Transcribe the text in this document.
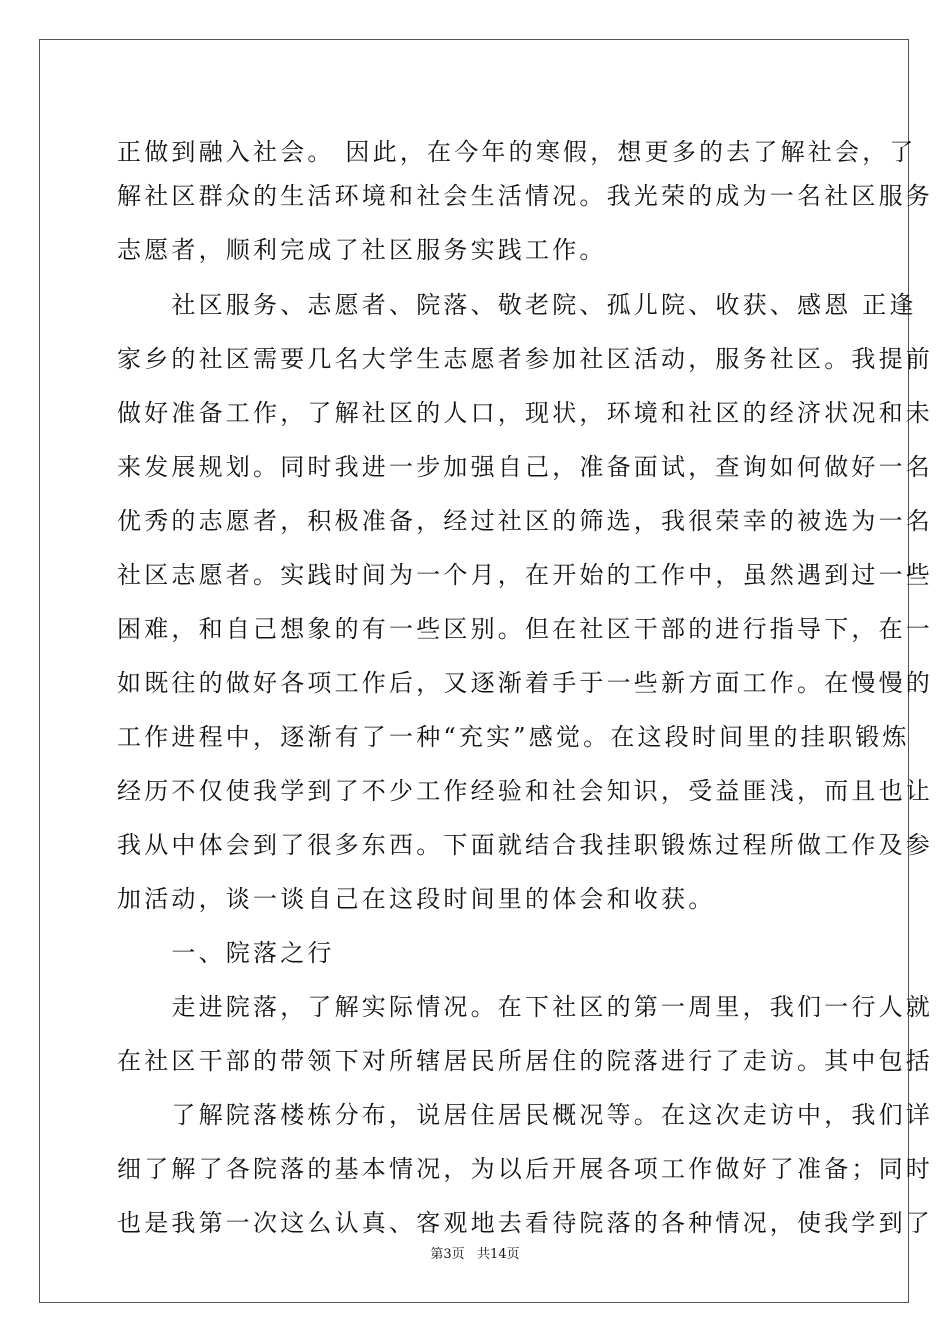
正做到融入社会。 因此，在今年的寒假，想更多的去了解社会，了
解社区群众的生活环境和社会生活情况。我光荣的成为一名社区服务
志愿者，顺利完成了社区服务实践工作。
　　社区服务、志愿者、院落、敬老院、孤儿院、收获、感恩 正逢
家乡的社区需要几名大学生志愿者参加社区活动，服务社区。我提前
做好准备工作，了解社区的人口，现状，环境和社区的经济状况和未
来发展规划。同时我进一步加强自己，准备面试，查询如何做好一名
优秀的志愿者，积极准备，经过社区的筛选，我很荣幸的被选为一名
社区志愿者。实践时间为一个月，在开始的工作中，虽然遇到过一些
困难，和自己想象的有一些区别。但在社区干部的进行指导下，在一
如既往的做好各项工作后，又逐渐着手于一些新方面工作。在慢慢的
工作进程中，逐渐有了一种“充实”感觉。在这段时间里的挂职锻炼
经历不仅使我学到了不少工作经验和社会知识，受益匪浅，而且也让
我从中体会到了很多东西。下面就结合我挂职锻炼过程所做工作及参
加活动，谈一谈自己在这段时间里的体会和收获。
　　一、院落之行
　　走进院落，了解实际情况。在下社区的第一周里，我们一行人就
在社区干部的带领下对所辖居民所居住的院落进行了走访。其中包括
　　了解院落楼栋分布，说居住居民概况等。在这次走访中，我们详
细了解了各院落的基本情况，为以后开展各项工作做好了准备；同时
也是我第一次这么认真、客观地去看待院落的各种情况，使我学到了
第3页   共14页
